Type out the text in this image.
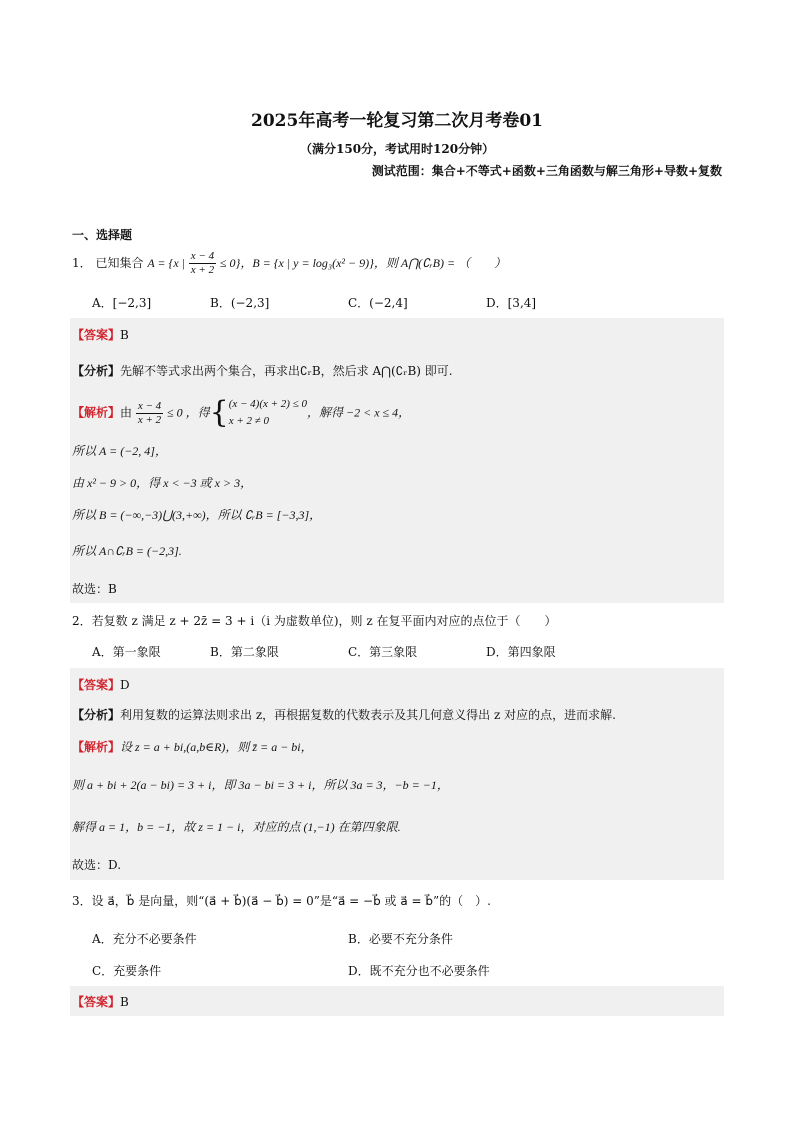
2025年高考一轮复习第二次月考卷01
（满分150分，考试用时120分钟）
测试范围：集合+不等式+函数+三角函数与解三角形+导数+复数
一、选择题
1． 已知集合 A = {x | $\frac{x - 4}{x + 2} \le 0$}，B = {x | y = log₃(x² − 9)}，则 A⋂(∁ᵣB) = （　　）
A．[−2,3]	B．(−2,3]	C．(−2,4]	D．[3,4]
【答案】B
【分析】先解不等式求出两个集合，再求出∁ᵣB，然后求 A⋂(∁ᵣB) 即可.
【解析】由 $\frac{x - 4}{x + 2} \le 0$ ，得{ (x − 4)(x + 2) ≤ 0
x + 2 ≠ 0
，解得 −2 < x ≤ 4，
所以 A = (−2, 4]，
由 x² − 9 > 0，得 x < −3 或 x > 3，
所以 B = (−∞,−3)⋃(3,+∞)，所以 ∁ᵣB = [−3,3]，
所以 A∩∁ᵣB = (−2,3].
故选：B
2．若复数 z 满足 z + 2z̄ = 3 + i（i 为虚数单位)，则 z 在复平面内对应的点位于（　　）
A．第一象限	B．第二象限	C．第三象限	D．第四象限
【答案】D
【分析】利用复数的运算法则求出 z，再根据复数的代数表示及其几何意义得出 z 对应的点，进而求解.
【解析】设 z = a + bi,(a,b∈R)，则 z̄ = a − bi，
则 a + bi + 2(a − bi) = 3 + i，即 3a − bi = 3 + i，所以 3a = 3，−b = −1，
解得 a = 1，b = −1，故 z = 1 − i，对应的点 (1,−1) 在第四象限.
故选：D.
3．设 a⃗，b⃗ 是向量，则“(a⃗ + b⃗)(a⃗ − b⃗) = 0”是“a⃗ = −b⃗ 或 a⃗ = b⃗”的（　）.
A．充分不必要条件	B．必要不充分条件
C．充要条件	D．既不充分也不必要条件
【答案】B
